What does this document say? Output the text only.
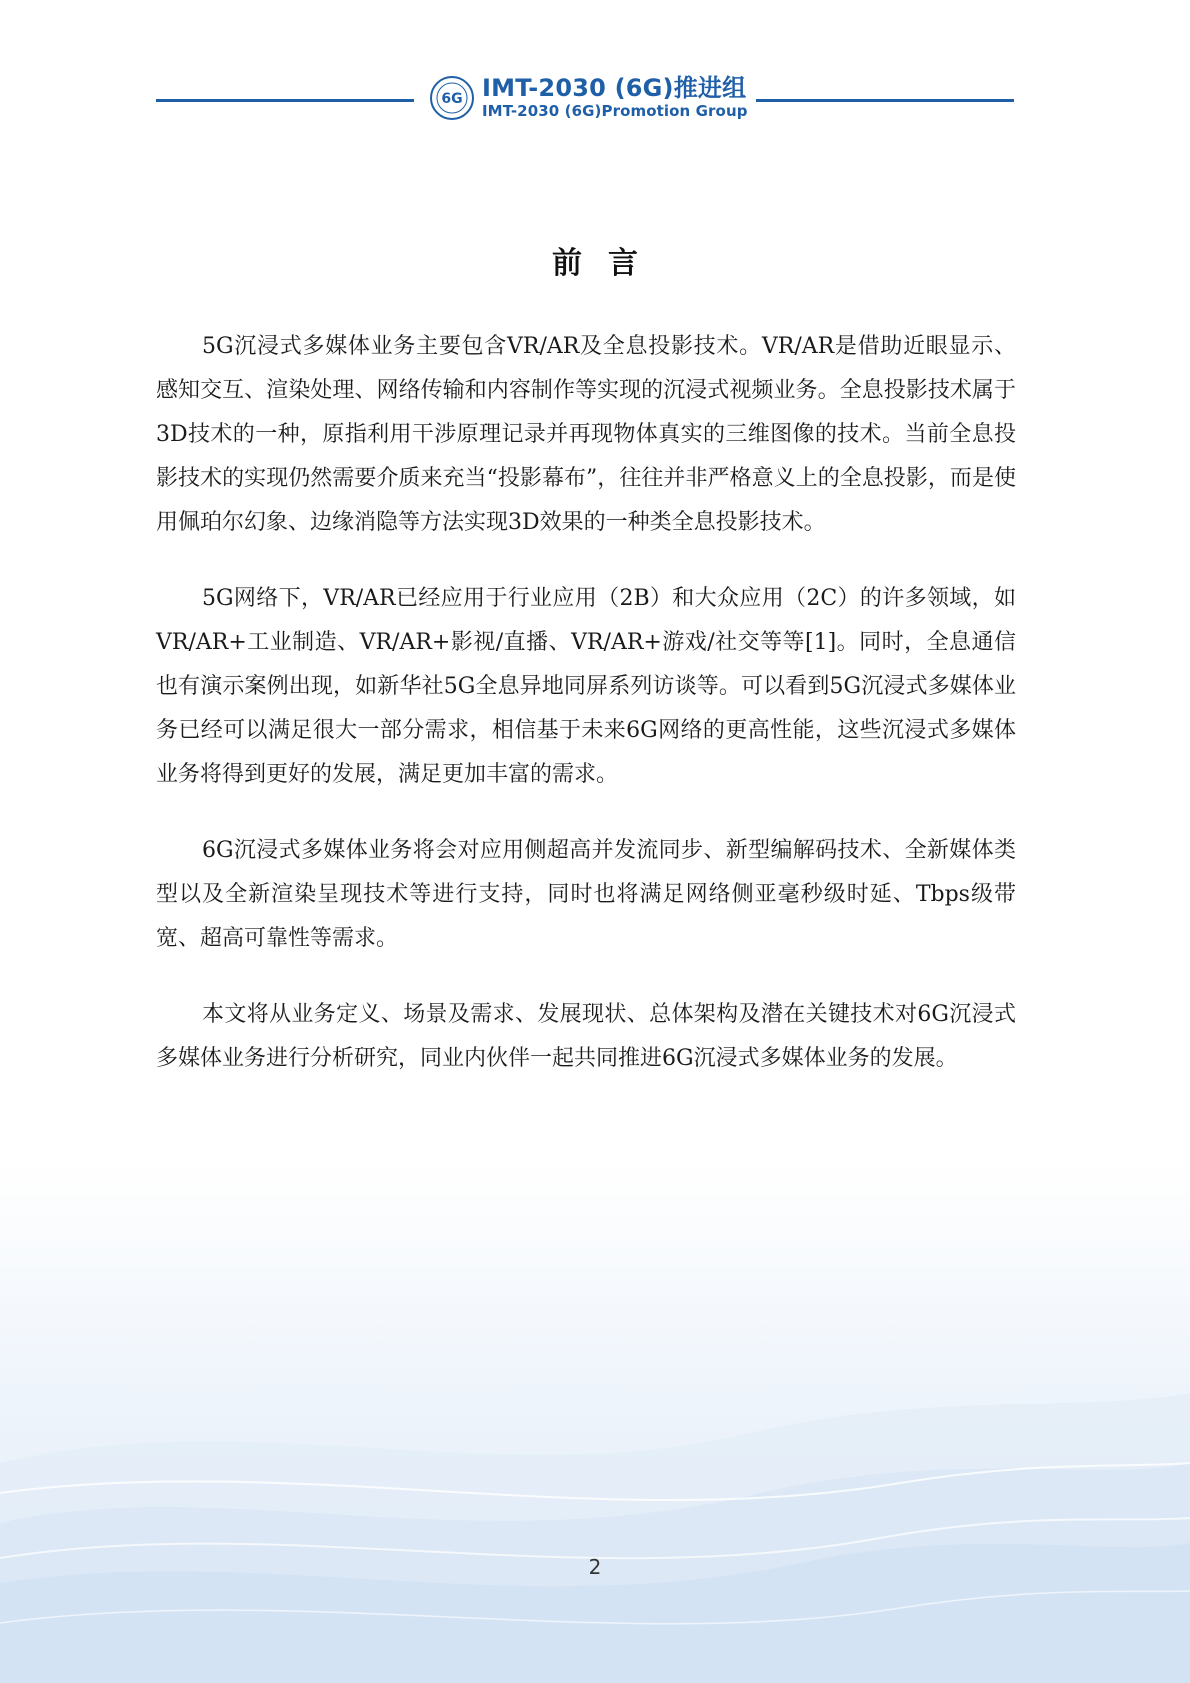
6G IMT-2030 (6G)推进组
IMT-2030 (6G)Promotion Group
前言

5G沉浸式多媒体业务主要包含VR/AR及全息投影技术。VR/AR是借助近眼显示、感知交互、渲染处理、网络传输和内容制作等实现的沉浸式视频业务。全息投影技术属于3D技术的一种，原指利用干涉原理记录并再现物体真实的三维图像的技术。当前全息投影技术的实现仍然需要介质来充当“投影幕布”，往往并非严格意义上的全息投影，而是使用佩珀尔幻象、边缘消隐等方法实现3D效果的一种类全息投影技术。

5G网络下，VR/AR已经应用于行业应用（2B）和大众应用（2C）的许多领域，如VR/AR+工业制造、VR/AR+影视/直播、VR/AR+游戏/社交等等[1]。同时，全息通信也有演示案例出现，如新华社5G全息异地同屏系列访谈等。可以看到5G沉浸式多媒体业务已经可以满足很大一部分需求，相信基于未来6G网络的更高性能，这些沉浸式多媒体业务将得到更好的发展，满足更加丰富的需求。

6G沉浸式多媒体业务将会对应用侧超高并发流同步、新型编解码技术、全新媒体类型以及全新渲染呈现技术等进行支持，同时也将满足网络侧亚毫秒级时延、Tbps级带宽、超高可靠性等需求。

本文将从业务定义、场景及需求、发展现状、总体架构及潜在关键技术对6G沉浸式多媒体业务进行分析研究，同业内伙伴一起共同推进6G沉浸式多媒体业务的发展。

2
